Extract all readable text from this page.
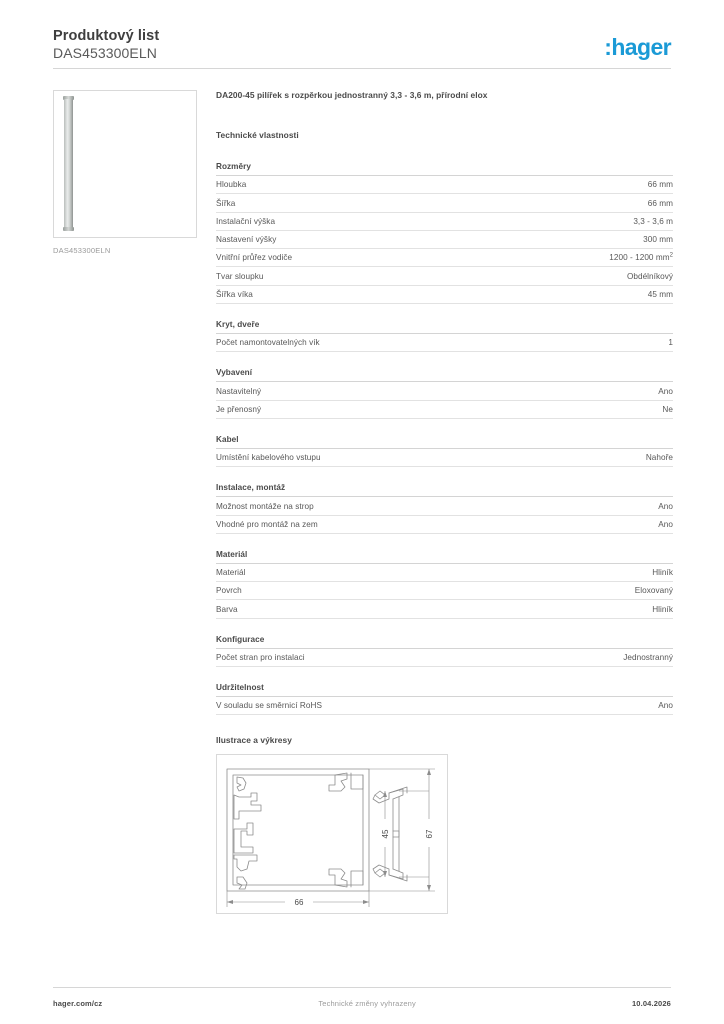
Produktový list
DAS453300ELN	:hager
DAS453300ELN
DA200-45 pilířek s rozpěrkou jednostranný 3,3 - 3,6 m, přírodní elox
Technické vlastnosti
Rozměry
Hloubka	66 mm
Šířka	66 mm
Instalační výška	3,3 - 3,6 m
Nastavení výšky	300 mm
Vnitřní průřez vodiče	1200 - 1200 $mm^2$
Tvar sloupku	Obdélníkový
Šířka víka	45 mm
Kryt, dveře
Počet namontovatelných vík	1
Vybavení
Nastavitelný	Ano
Je přenosný	Ne
Kabel
Umístění kabelového vstupu	Nahoře
Instalace, montáž
Možnost montáže na strop	Ano
Vhodné pro montáž na zem	Ano
Materiál
Materiál	Hliník
Povrch	Eloxovaný
Barva	Hliník
Konfigurace
Počet stran pro instalaci	Jednostranný
Udržitelnost
V souladu se směrnicí RoHS	Ano
Ilustrace a výkresy
66
45	67
hager.com/cz	Technické změny vyhrazeny	10.04.2026
